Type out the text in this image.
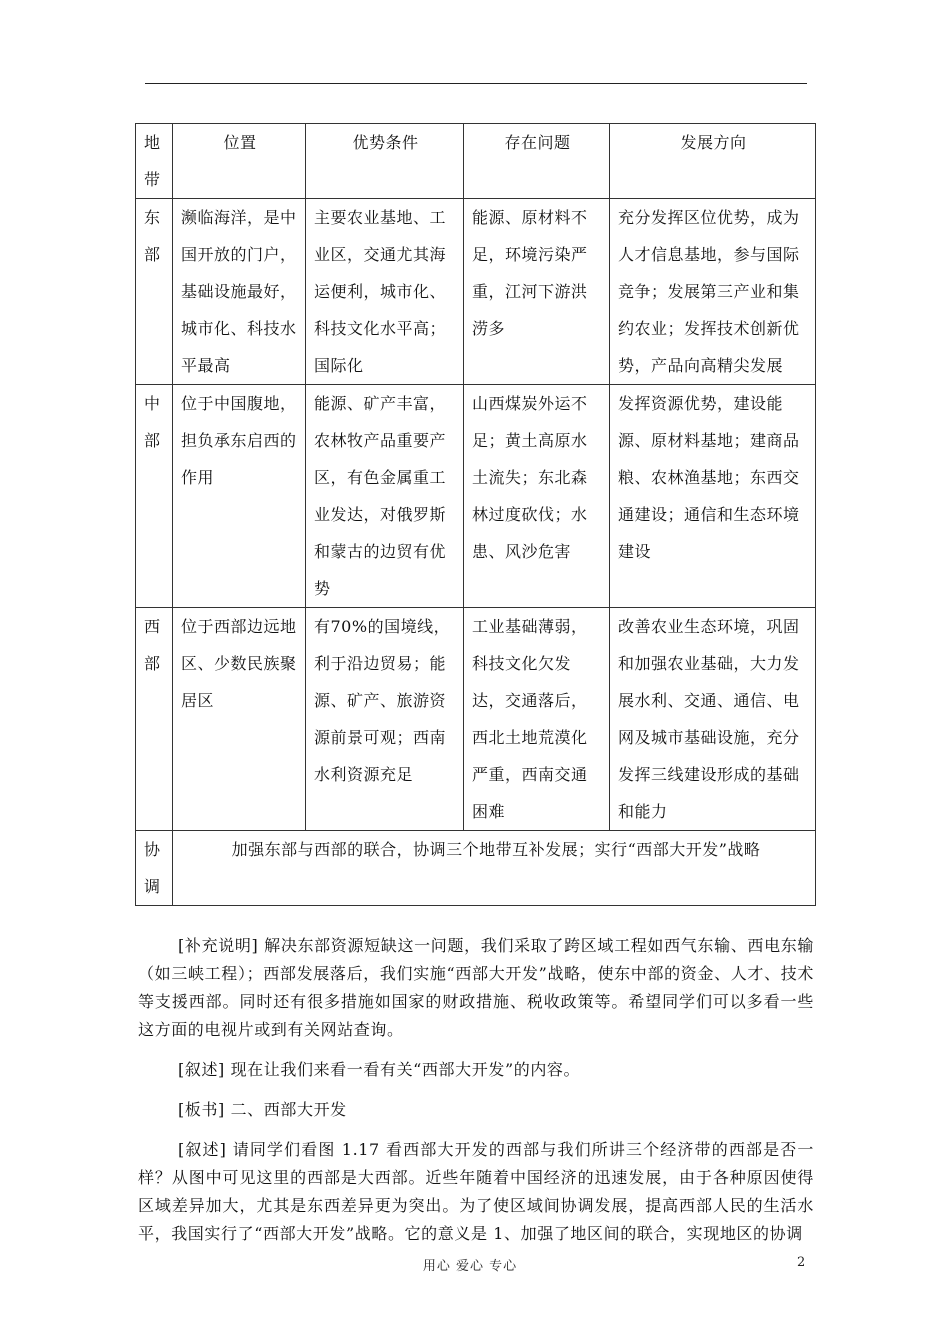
地带	位置	优势条件	存在问题	发展方向
东部	濒临海洋，是中国开放的门户，基础设施最好，城市化、科技水平最高	主要农业基地、工业区，交通尤其海运便利，城市化、科技文化水平高；国际化	能源、原材料不足，环境污染严重，江河下游洪涝多	充分发挥区位优势，成为人才信息基地，参与国际竞争；发展第三产业和集约农业；发挥技术创新优势，产品向高精尖发展
中部	位于中国腹地，担负承东启西的作用	能源、矿产丰富，农林牧产品重要产区，有色金属重工业发达，对俄罗斯和蒙古的边贸有优势	山西煤炭外运不足；黄土高原水土流失；东北森林过度砍伐；水患、风沙危害	发挥资源优势，建设能源、原材料基地；建商品粮、农林渔基地；东西交通建设；通信和生态环境建设
西部	位于西部边远地区、少数民族聚居区	有70%的国境线，利于沿边贸易；能源、矿产、旅游资源前景可观；西南水利资源充足	工业基础薄弱，科技文化欠发达，交通落后，西北土地荒漠化严重，西南交通困难	改善农业生态环境，巩固和加强农业基础，大力发展水利、交通、通信、电网及城市基础设施，充分发挥三线建设形成的基础和能力
协调	加强东部与西部的联合，协调三个地带互补发展；实行“西部大开发”战略			

[补充说明] 解决东部资源短缺这一问题，我们采取了跨区域工程如西气东输、西电东输（如三峡工程）；西部发展落后，我们实施“西部大开发”战略，使东中部的资金、人才、技术等支援西部。同时还有很多措施如国家的财政措施、税收政策等。希望同学们可以多看一些这方面的电视片或到有关网站查询。

[叙述] 现在让我们来看一看有关“西部大开发”的内容。

[板书] 二、西部大开发

[叙述] 请同学们看图 1.17 看西部大开发的西部与我们所讲三个经济带的西部是否一样？从图中可见这里的西部是大西部。近些年随着中国经济的迅速发展，由于各种原因使得区域差异加大，尤其是东西差异更为突出。为了使区域间协调发展，提高西部人民的生活水平，我国实行了“西部大开发”战略。它的意义是 1、加强了地区间的联合，实现地区的协调

用心 爱心 专心	2
